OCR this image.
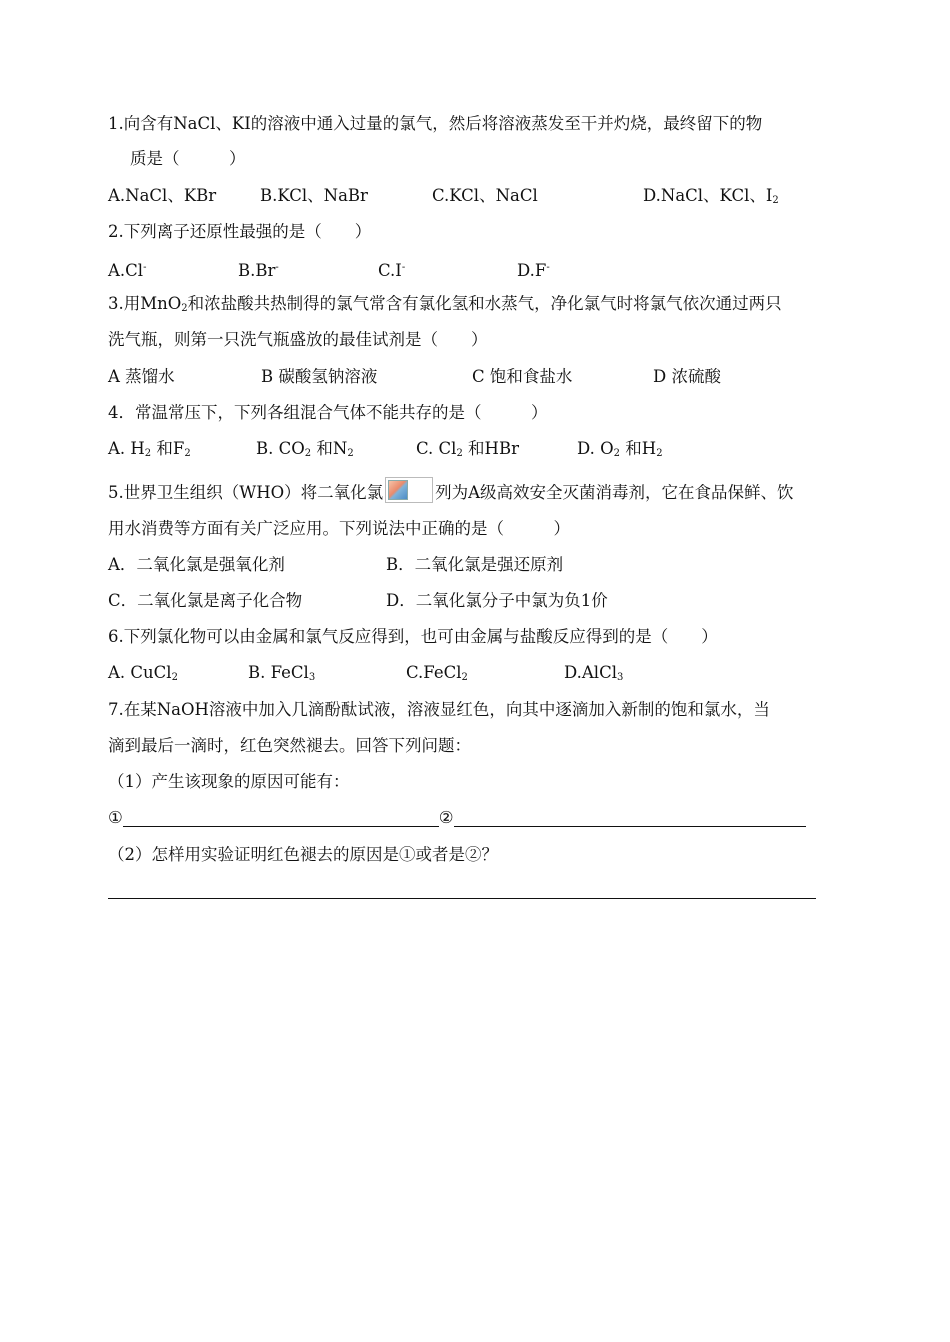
1.向含有NaCl、KI的溶液中通入过量的氯气，然后将溶液蒸发至干并灼烧，最终留下的物
质是（　　　）
A.NaCl、KBr	B.KCl、NaBr	C.KCl、NaCl	D.NaCl、KCl、$I_2$
2.下列离子还原性最强的是（　　）
A.Cl-	B.Br-	C.I-	D.F-
3.用MnO$_2$和浓盐酸共热制得的氯气常含有氯化氢和水蒸气，净化氯气时将氯气依次通过两只
洗气瓶，则第一只洗气瓶盛放的最佳试剂是（　　）
A 蒸馏水	B 碳酸氢钠溶液	C 饱和食盐水	D 浓硫酸
4．常温常压下，下列各组混合气体不能共存的是（　　　）
A. $H_2$ 和$F_2$	B. $CO_2$ 和$N_2$	C. $Cl_2$ 和HBr	D. $O_2$ 和$H_2$
5.世界卫生组织（WHO）将二氧化氯	列为A级高效安全灭菌消毒剂，它在食品保鲜、饮
用水消费等方面有关广泛应用。下列说法中正确的是（　　　）
A．二氧化氯是强氧化剂	B．二氧化氯是强还原剂
C．二氧化氯是离子化合物	D．二氧化氯分子中氯为负1价
6.下列氯化物可以由金属和氯气反应得到，也可由金属与盐酸反应得到的是（　　）
A. CuCl$_2$	B. FeCl$_3$	C.FeCl$_2$	D.AlCl$_3$
7.在某NaOH溶液中加入几滴酚酞试液，溶液显红色，向其中逐滴加入新制的饱和氯水，当
滴到最后一滴时，红色突然褪去。回答下列问题：
（1）产生该现象的原因可能有：
①	②
（2）怎样用实验证明红色褪去的原因是①或者是②？
